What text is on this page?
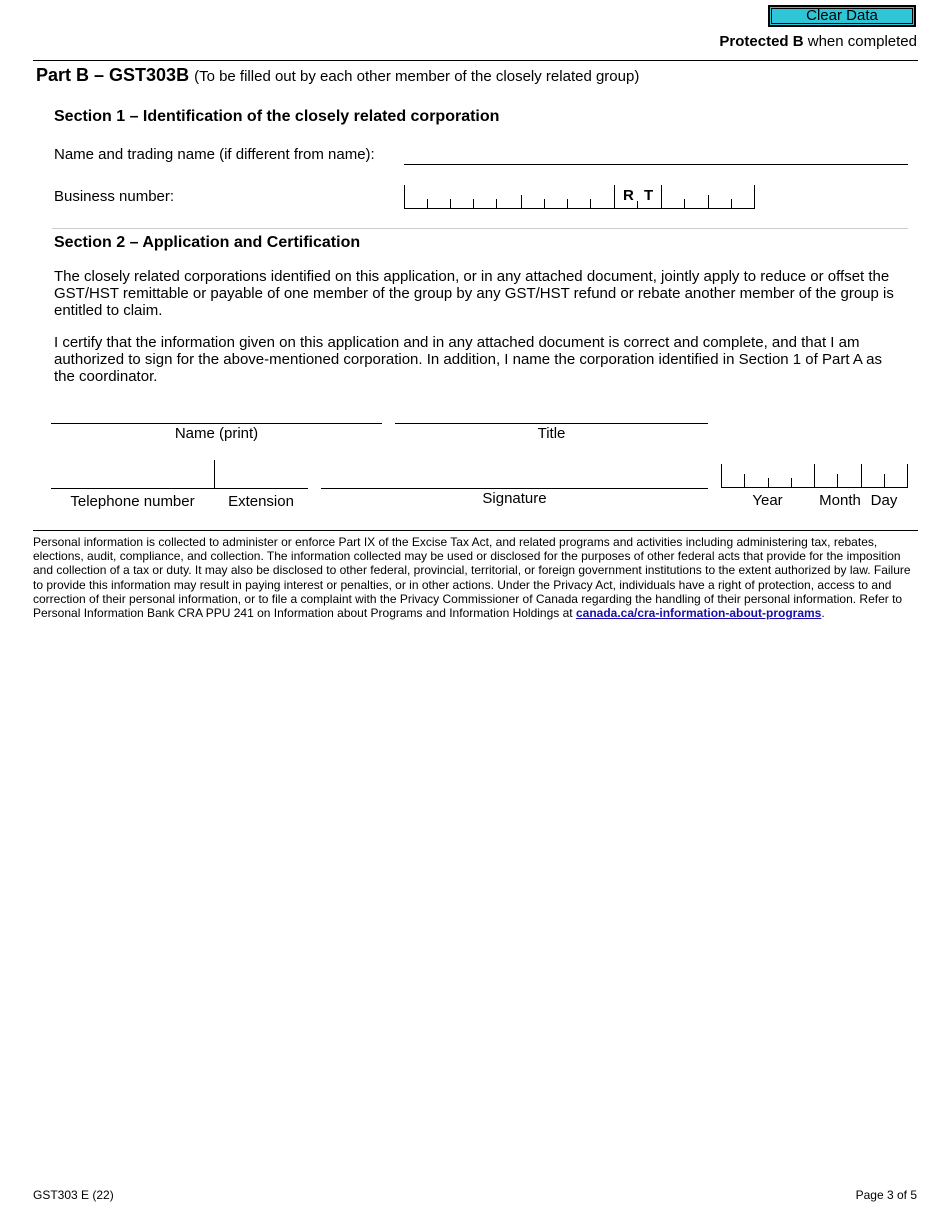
Clear Data
Protected B when completed
Part B – GST303B (To be filled out by each other member of the closely related group)
Section 1 – Identification of the closely related corporation
Name and trading name (if different from name):
Business number:	R T
Section 2 – Application and Certification
The closely related corporations identified on this application, or in any attached document, jointly apply to reduce or offset the GST/HST remittable or payable of one member of the group by any GST/HST refund or rebate another member of the group is entitled to claim.
I certify that the information given on this application and in any attached document is correct and complete, and that I am authorized to sign for the above-mentioned corporation. In addition, I name the corporation identified in Section 1 of Part A as the coordinator.
Name (print)	Title
Telephone number	Extension	Signature	Year	Month Day
Personal information is collected to administer or enforce Part IX of the Excise Tax Act, and related programs and activities including administering tax, rebates, elections, audit, compliance, and collection. The information collected may be used or disclosed for the purposes of other federal acts that provide for the imposition and collection of a tax or duty. It may also be disclosed to other federal, provincial, territorial, or foreign government institutions to the extent authorized by law. Failure to provide this information may result in paying interest or penalties, or in other actions. Under the Privacy Act, individuals have a right of protection, access to and correction of their personal information, or to file a complaint with the Privacy Commissioner of Canada regarding the handling of their personal information. Refer to Personal Information Bank CRA PPU 241 on Information about Programs and Information Holdings at canada.ca/cra-information-about-programs.
GST303 E (22)	Page 3 of 5
